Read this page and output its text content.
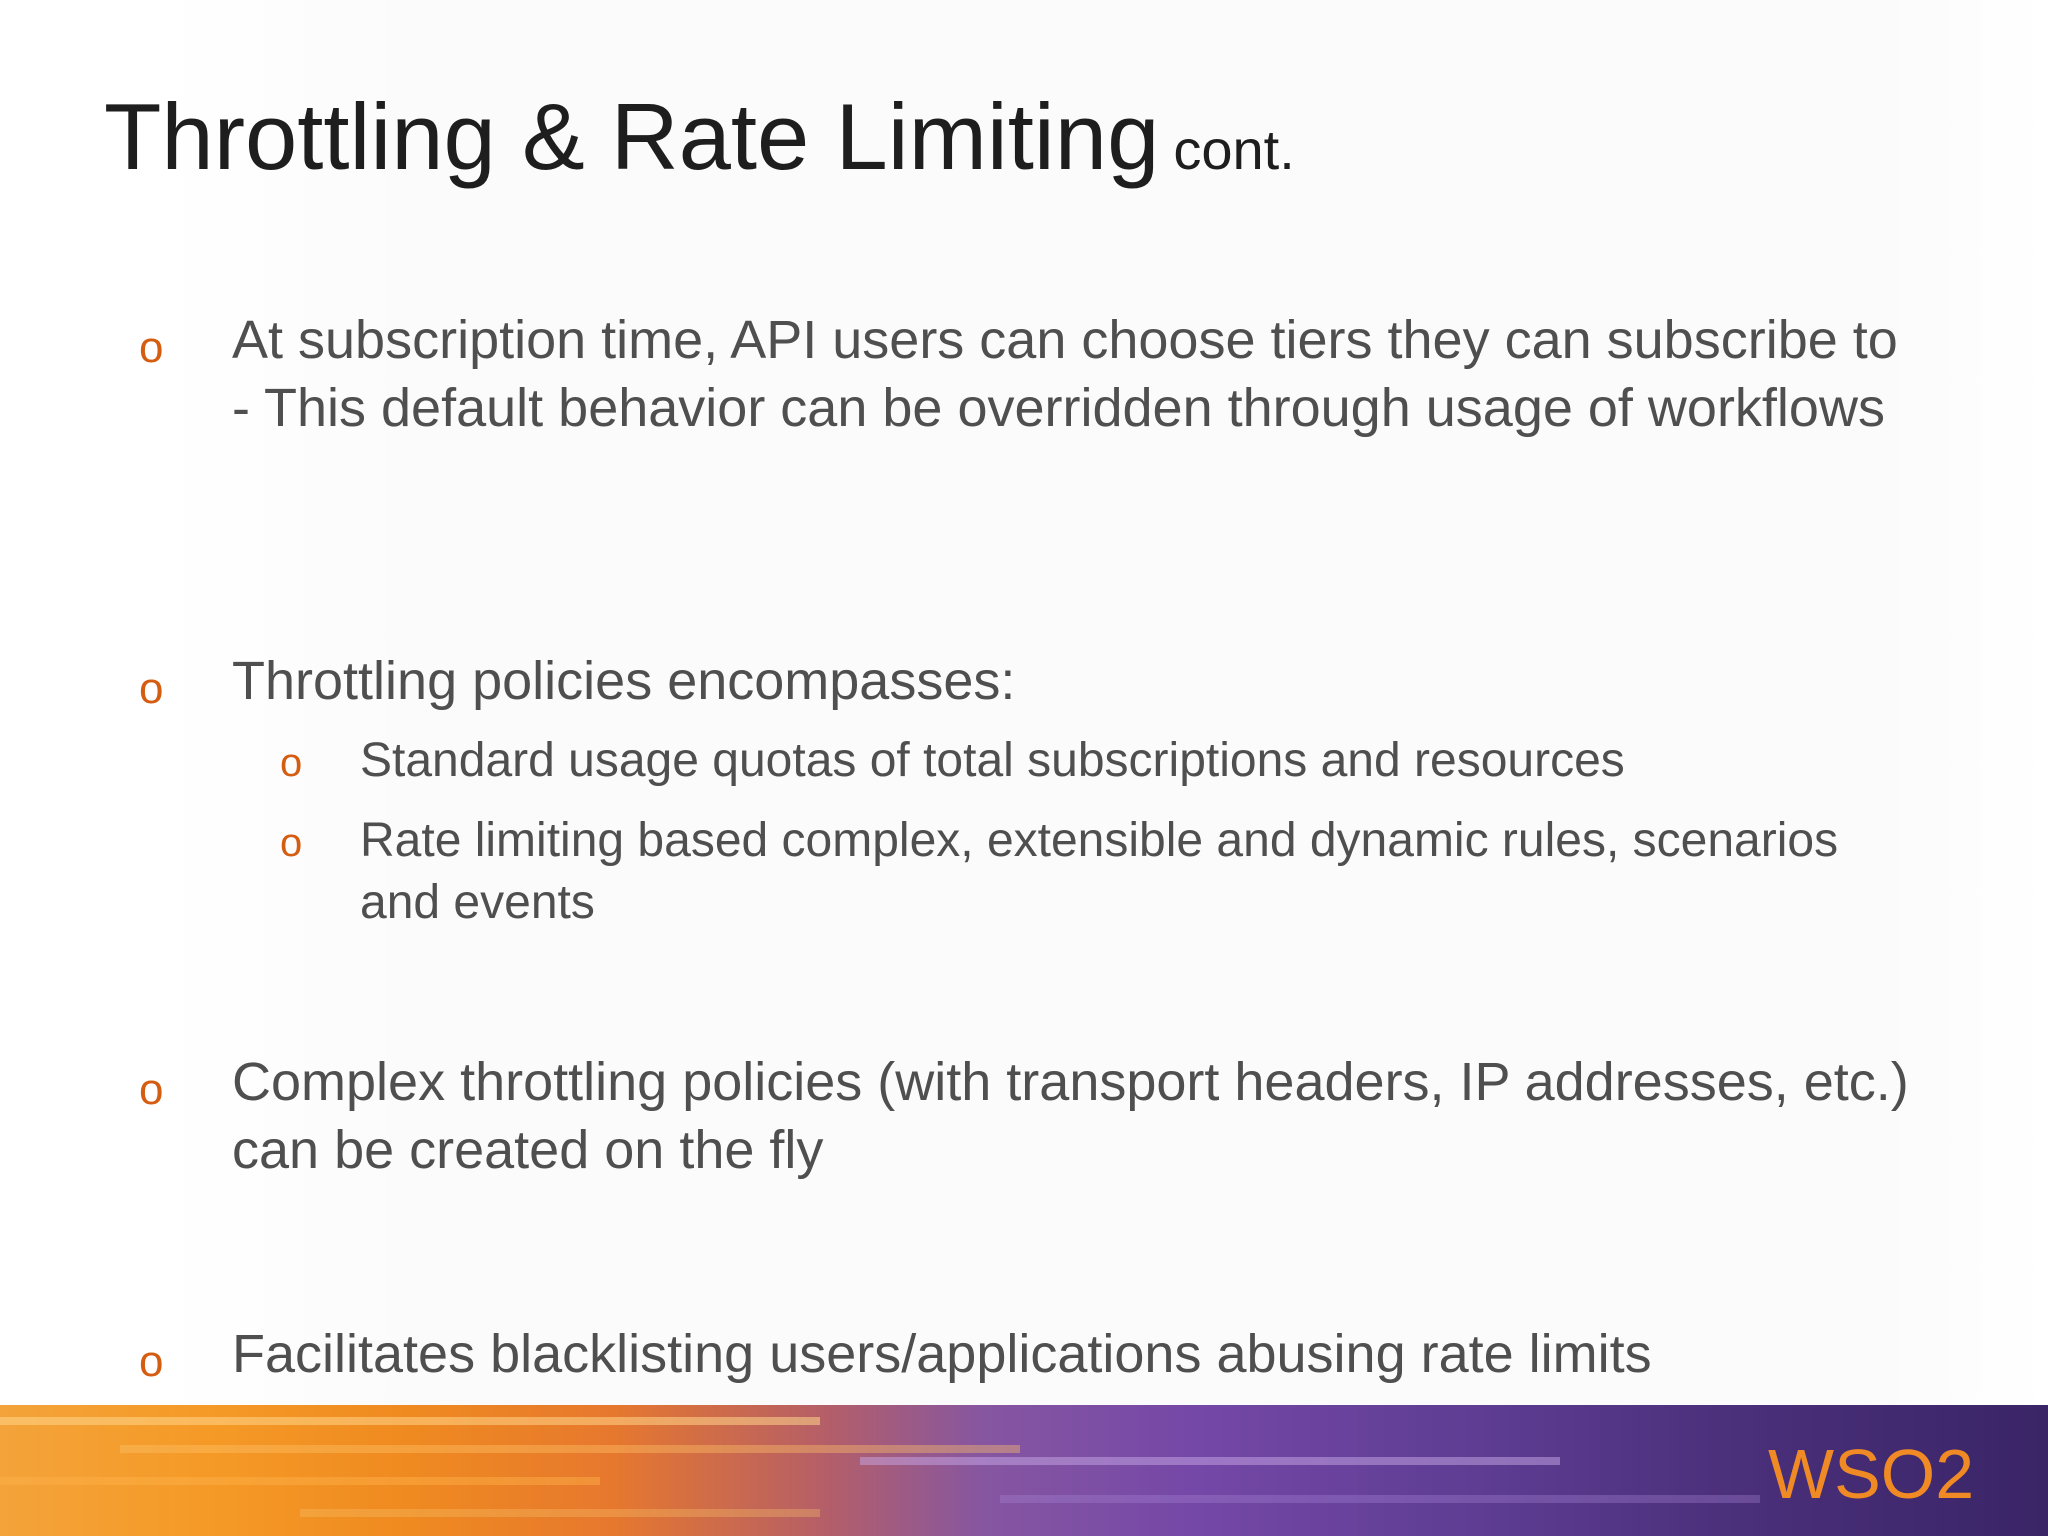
Throttling & Rate Limiting cont.
o At subscription time, API users can choose tiers they can subscribe to - This default behavior can be overridden through usage of workflows
o Throttling policies encompasses:
o Standard usage quotas of total subscriptions and resources
o Rate limiting based complex, extensible and dynamic rules, scenarios and events
o Complex throttling policies (with transport headers, IP addresses, etc.) can be created on the fly
o Facilitates blacklisting users/applications abusing rate limits
WSO2
